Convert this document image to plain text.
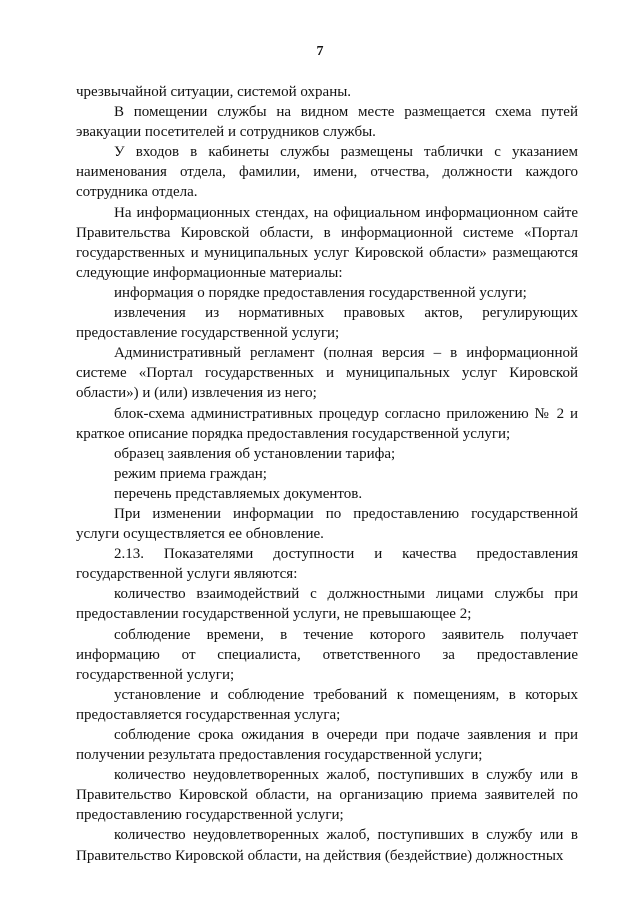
7

чрезвычайной ситуации, системой охраны.

В помещении службы на видном месте размещается схема путей эвакуации посетителей и сотрудников службы.

У входов в кабинеты службы размещены таблички с указанием наименования отдела, фамилии, имени, отчества, должности каждого сотрудника отдела.

На информационных стендах, на официальном информационном сайте Правительства Кировской области, в информационной системе «Портал государственных и муниципальных услуг Кировской области» размещаются следующие информационные материалы:

информация о порядке предоставления государственной услуги;

извлечения из нормативных правовых актов, регулирующих предоставление государственной услуги;

Административный регламент (полная версия – в информационной системе «Портал государственных и муниципальных услуг Кировской области») и (или) извлечения из него;

блок-схема административных процедур согласно приложению № 2 и краткое описание порядка предоставления государственной услуги;

образец заявления об установлении тарифа;

режим приема граждан;

перечень представляемых документов.

При изменении информации по предоставлению государственной услуги осуществляется ее обновление.

2.13. Показателями доступности и качества предоставления государственной услуги являются:

количество взаимодействий с должностными лицами службы при предоставлении государственной услуги, не превышающее 2;

соблюдение времени, в течение которого заявитель получает информацию от специалиста, ответственного за предоставление государственной услуги;

установление и соблюдение требований к помещениям, в которых предоставляется государственная услуга;

соблюдение срока ожидания в очереди при подаче заявления и при получении результата предоставления государственной услуги;

количество неудовлетворенных жалоб, поступивших в службу или в Правительство Кировской области, на организацию приема заявителей по предоставлению государственной услуги;

количество неудовлетворенных жалоб, поступивших в службу или в Правительство Кировской области, на действия (бездействие) должностных
